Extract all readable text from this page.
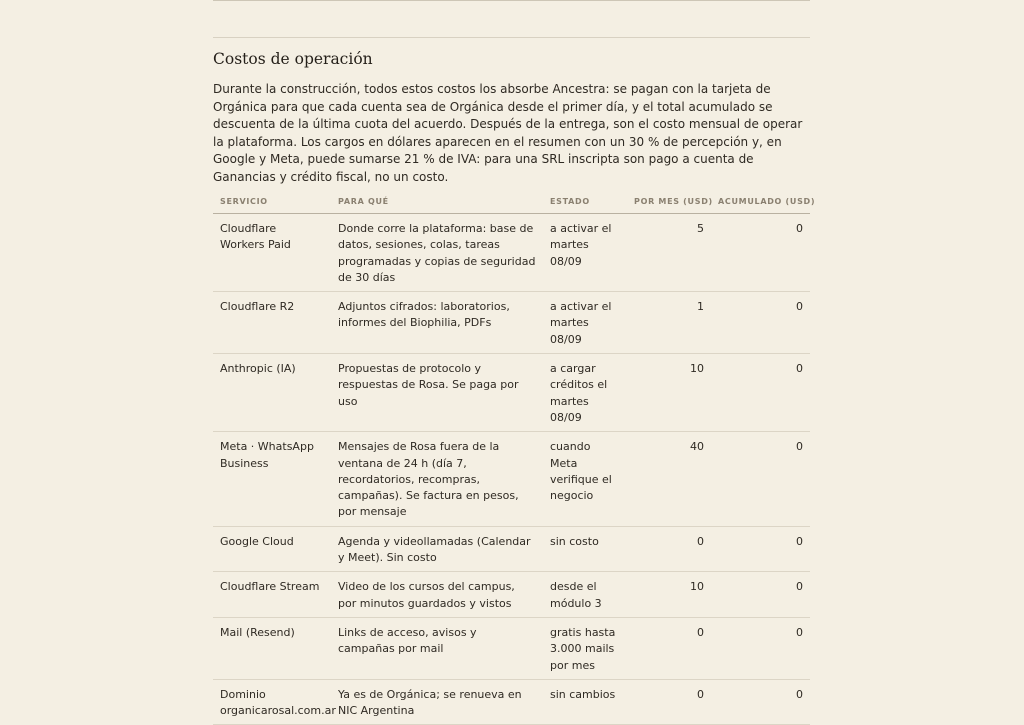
Costos de operación

Durante la construcción, todos estos costos los absorbe Ancestra: se pagan con la tarjeta de Orgánica para que cada cuenta sea de Orgánica desde el primer día, y el total acumulado se descuenta de la última cuota del acuerdo. Después de la entrega, son el costo mensual de operar la plataforma. Los cargos en dólares aparecen en el resumen con un 30 % de percepción y, en Google y Meta, puede sumarse 21 % de IVA: para una SRL inscripta son pago a cuenta de Ganancias y crédito fiscal, no un costo.

SERVICIO	PARA QUÉ	ESTADO	POR MES (USD)	ACUMULADO (USD)
Cloudflare Workers Paid	Donde corre la plataforma: base de datos, sesiones, colas, tareas programadas y copias de seguridad de 30 días	a activar el martes 08/09	5	0
Cloudflare R2	Adjuntos cifrados: laboratorios, informes del Biophilia, PDFs	a activar el martes 08/09	1	0
Anthropic (IA)	Propuestas de protocolo y respuestas de Rosa. Se paga por uso	a cargar créditos el martes 08/09	10	0
Meta · WhatsApp Business	Mensajes de Rosa fuera de la ventana de 24 h (día 7, recordatorios, recompras, campañas). Se factura en pesos, por mensaje	cuando Meta verifique el negocio	40	0
Google Cloud	Agenda y videollamadas (Calendar y Meet). Sin costo	sin costo	0	0
Cloudflare Stream	Video de los cursos del campus, por minutos guardados y vistos	desde el módulo 3	10	0
Mail (Resend)	Links de acceso, avisos y campañas por mail	gratis hasta 3.000 mails por mes	0	0
Dominio organicarosal.com.ar	Ya es de Orgánica; se renueva en NIC Argentina	sin cambios	0	0
